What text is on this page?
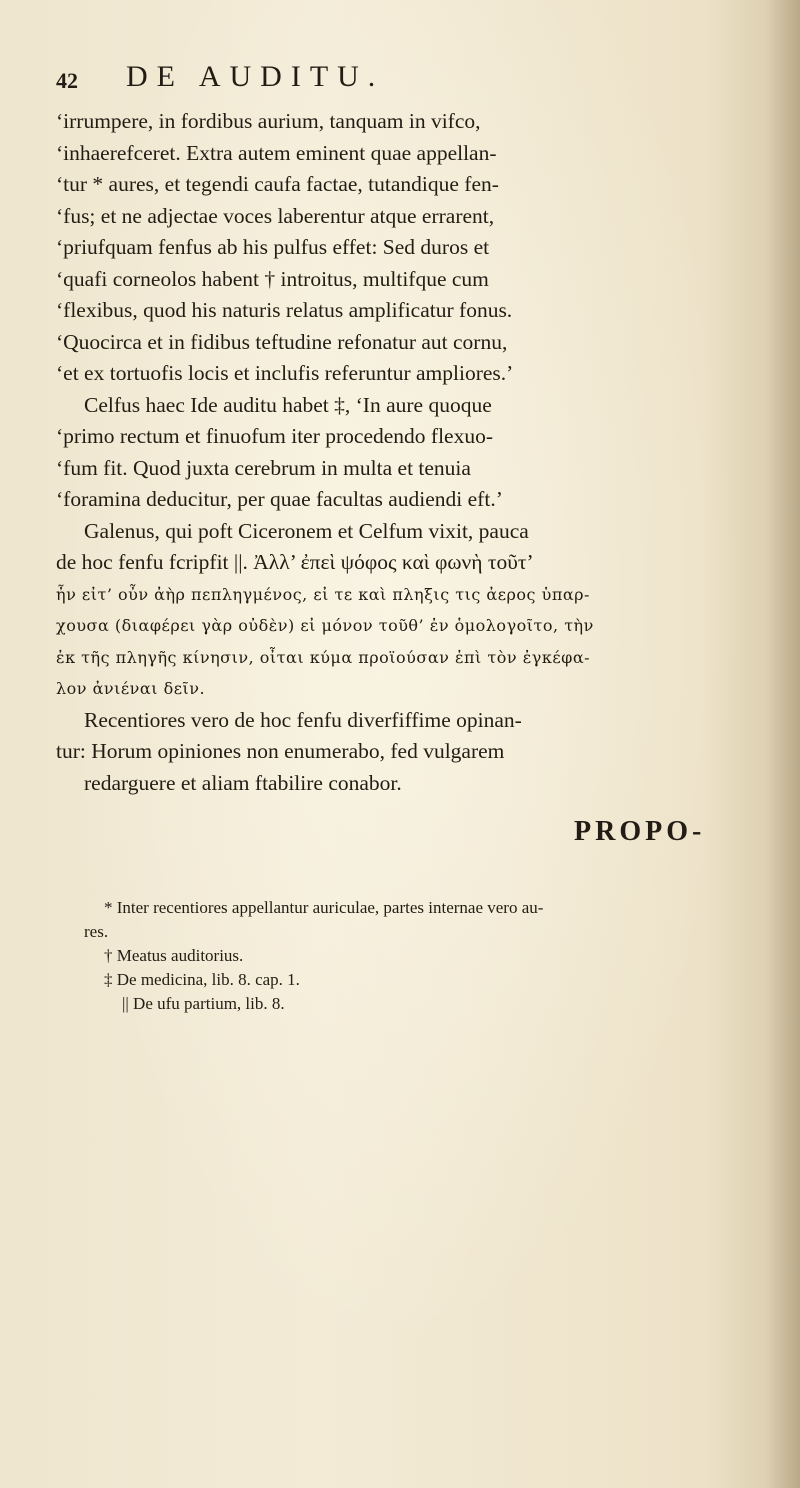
42 DE AUDITU.
‘irrumpere, in fordibus aurium, tanquam in vifco,
‘inhaerefceret. Extra autem eminent quae appellan-
‘tur * aures, et tegendi caufa factae, tutandique fen-
‘fus; et ne adjectae voces laberentur atque errarent,
‘priufquam fenfus ab his pulfus effet: Sed duros et
‘quafi corneolos habent † introitus, multifque cum
‘flexibus, quod his naturis relatus amplificatur fonus.
‘Quocirca et in fidibus teftudine refonatur aut cornu,
‘et ex tortuofis locis et inclufis referuntur ampliores.’
Celfus haec Ide auditu habet ‡, ‘In aure quoque
‘primo rectum et finuofum iter procedendo flexuo-
‘fum fit. Quod juxta cerebrum in multa et tenuia
‘foramina deducitur, per quae facultas audiendi eft.’
Galenus, qui poft Ciceronem et Celfum vixit, pauca
de hoc fenfu fcripfit ||. Ἀλλ’ ἐπεὶ ψόφος καὶ φωνὴ τοῦτ’
ἦν εἰτ’ οὖν ἀὴρ πεπληγμένος, εἰ τε καὶ πληξις τις ἀερος ὑπαρ-
χουσα (διαφέρει γὰρ οὐδὲν) εἰ μόνον τοῦθ’ ἐν ὁμολογοῖτο, τὴν
ἐκ τῆς πληγῆς κίνησιν, οἶται κύμα προϊούσαν ἐπὶ τὸν ἐγκέφα-
λον ἀνιέναι δεῖν.
Recentiores vero de hoc fenfu diverfiffime opinan-
tur: Horum opiniones non enumerabo, fed vulgarem
redarguere et aliam ftabilire conabor.
PROPO-
* Inter recentiores appellantur auriculae, partes internae vero au-
res.
† Meatus auditorius.
‡ De medicina, lib. 8. cap. 1.
|| De ufu partium, lib. 8.
